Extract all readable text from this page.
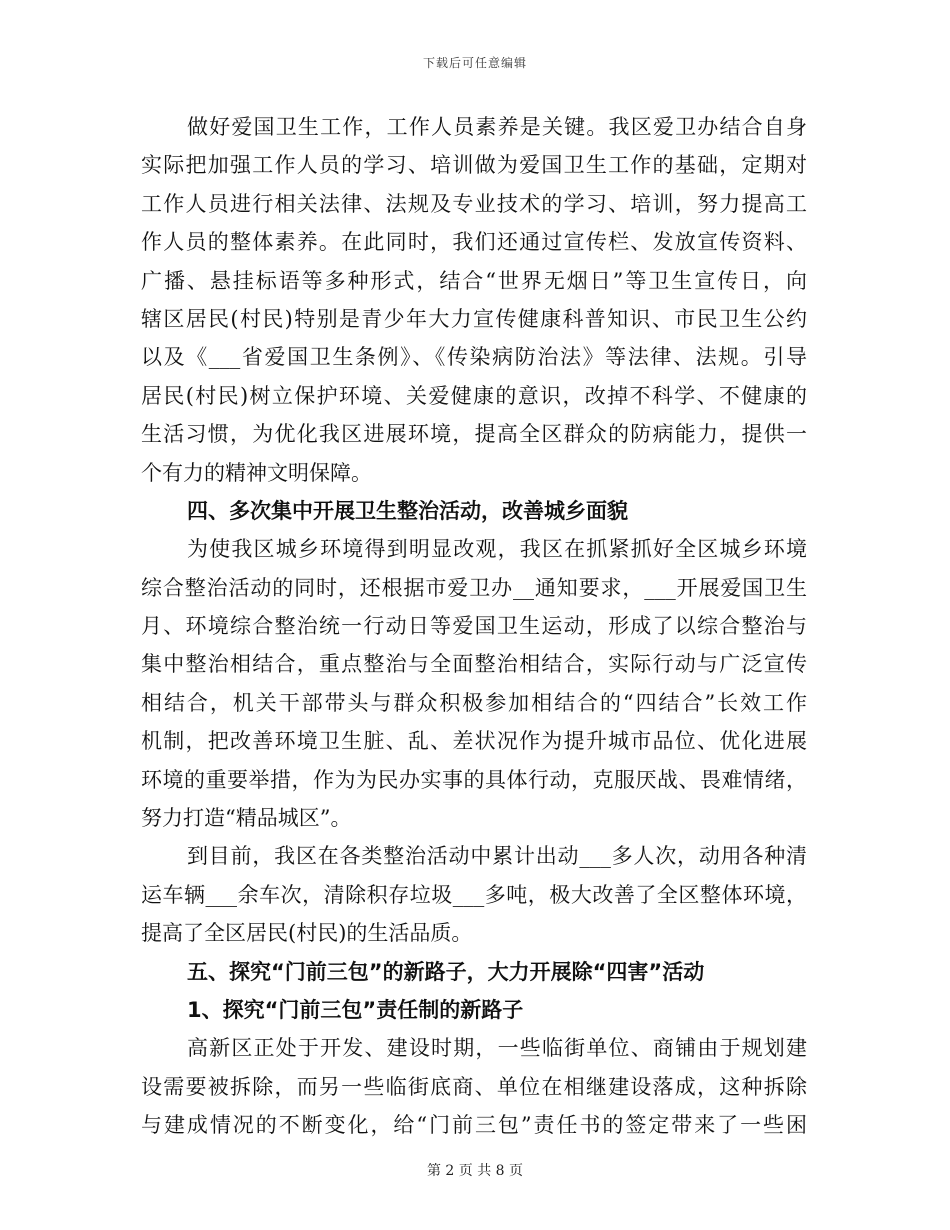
下载后可任意编辑
做好爱国卫生工作，工作人员素养是关键。我区爱卫办结合自身
实际把加强工作人员的学习、培训做为爱国卫生工作的基础，定期对
工作人员进行相关法律、法规及专业技术的学习、培训，努力提高工
作人员的整体素养。在此同时，我们还通过宣传栏、发放宣传资料、
广播、悬挂标语等多种形式，结合“世界无烟日”等卫生宣传日，向
辖区居民(村民)特别是青少年大力宣传健康科普知识、市民卫生公约
以及《___省爱国卫生条例》、《传染病防治法》等法律、法规。引导
居民(村民)树立保护环境、关爱健康的意识，改掉不科学、不健康的
生活习惯，为优化我区进展环境，提高全区群众的防病能力，提供一
个有力的精神文明保障。
四、多次集中开展卫生整治活动，改善城乡面貌
为使我区城乡环境得到明显改观，我区在抓紧抓好全区城乡环境
综合整治活动的同时，还根据市爱卫办__通知要求，___开展爱国卫生
月、环境综合整治统一行动日等爱国卫生运动，形成了以综合整治与
集中整治相结合，重点整治与全面整治相结合，实际行动与广泛宣传
相结合，机关干部带头与群众积极参加相结合的“四结合”长效工作
机制，把改善环境卫生脏、乱、差状况作为提升城市品位、优化进展
环境的重要举措，作为为民办实事的具体行动，克服厌战、畏难情绪，
努力打造“精品城区”。
到目前，我区在各类整治活动中累计出动___多人次，动用各种清
运车辆___余车次，清除积存垃圾___多吨，极大改善了全区整体环境，
提高了全区居民(村民)的生活品质。
五、探究“门前三包”的新路子，大力开展除“四害”活动
1、探究“门前三包”责任制的新路子
高新区正处于开发、建设时期，一些临街单位、商铺由于规划建
设需要被拆除，而另一些临街底商、单位在相继建设落成，这种拆除
与建成情况的不断变化，给“门前三包”责任书的签定带来了一些困
第 2 页 共 8 页
